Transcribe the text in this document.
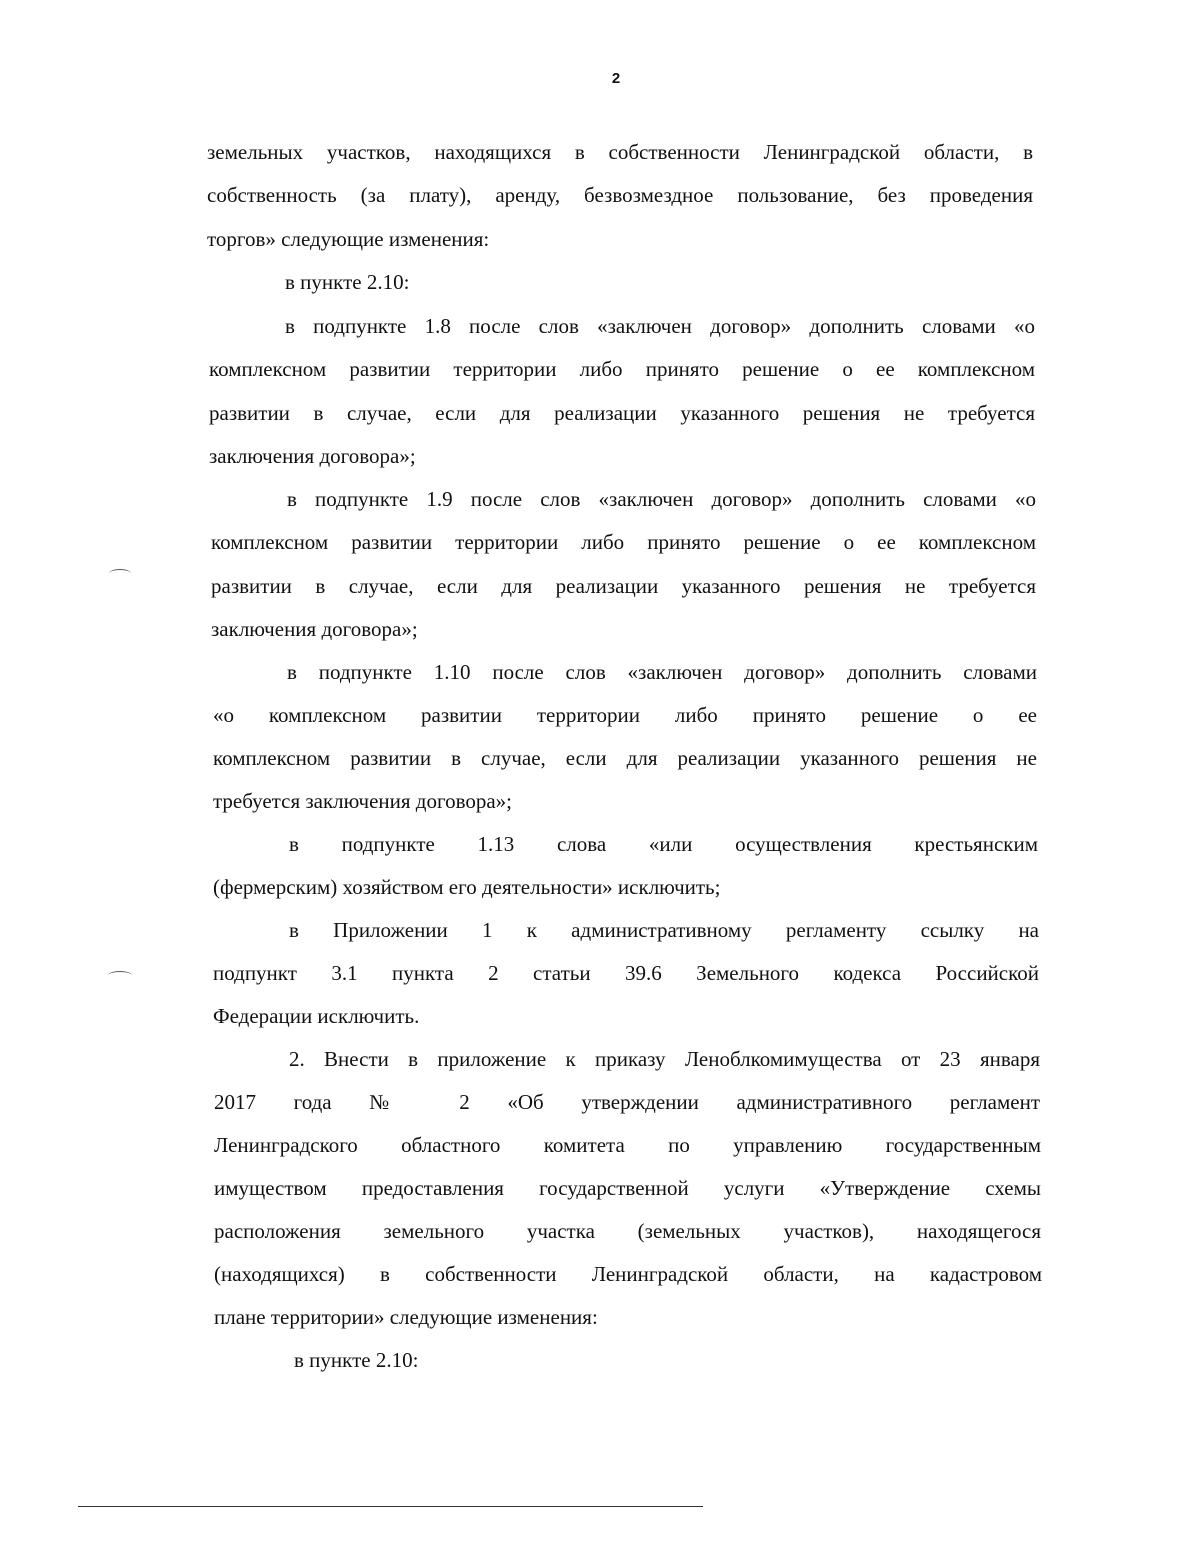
2
земельных участков, находящихся в собственности Ленинградской области, в
собственность (за плату), аренду, безвозмездное пользование, без проведения
торгов» следующие изменения:
в пункте 2.10:
в подпункте 1.8 после слов «заключен договор» дополнить словами «о
комплексном развитии территории либо принято решение о ее комплексном
развитии в случае, если для реализации указанного решения не требуется
заключения договора»;
в подпункте 1.9 после слов «заключен договор» дополнить словами «о
комплексном развитии территории либо принято решение о ее комплексном
развитии в случае, если для реализации указанного решения не требуется
заключения договора»;
в подпункте 1.10 после слов «заключен договор» дополнить словами
«о комплексном развитии территории либо принято решение о ее
комплексном развитии в случае, если для реализации указанного решения не
требуется заключения договора»;
в подпункте 1.13 слова «или осуществления крестьянским
(фермерским) хозяйством его деятельности» исключить;
в Приложении 1 к административному регламенту ссылку на
подпункт 3.1 пункта 2 статьи 39.6 Земельного кодекса Российской
Федерации исключить.
2. Внести в приложение к приказу Леноблкомимущества от 23 января
2017 года № 2 «Об утверждении административного регламент
Ленинградского областного комитета по управлению государственным
имуществом предоставления государственной услуги «Утверждение схемы
расположения земельного участка (земельных участков), находящегося
(находящихся) в собственности Ленинградской области, на кадастровом
плане территории» следующие изменения:
в пункте 2.10:
